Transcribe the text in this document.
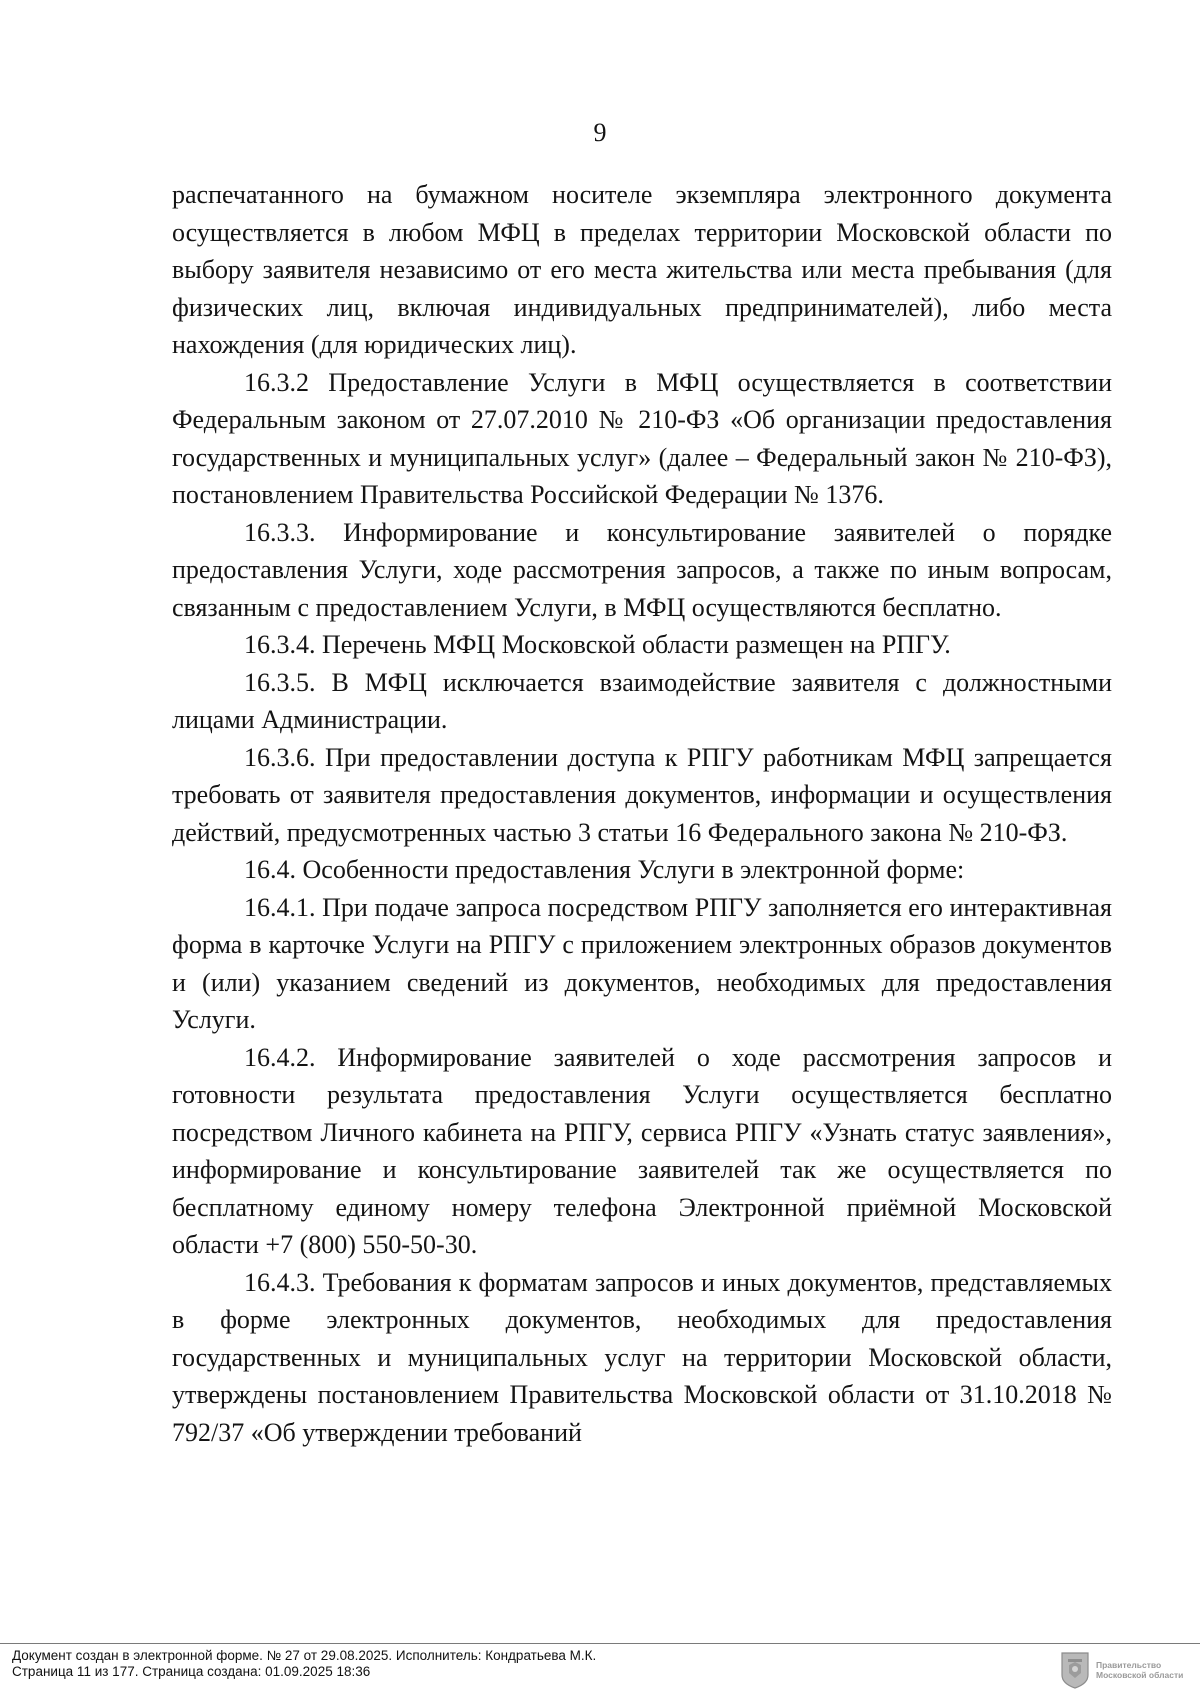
9

распечатанного на бумажном носителе экземпляра электронного документа осуществляется в любом МФЦ в пределах территории Московской области по выбору заявителя независимо от его места жительства или места пребывания (для физических лиц, включая индивидуальных предпринимателей), либо места нахождения (для юридических лиц).

16.3.2 Предоставление Услуги в МФЦ осуществляется в соответствии Федеральным законом от 27.07.2010 № 210-ФЗ «Об организации предоставления государственных и муниципальных услуг» (далее – Федеральный закон № 210-ФЗ), постановлением Правительства Российской Федерации № 1376.

16.3.3. Информирование и консультирование заявителей о порядке предоставления Услуги, ходе рассмотрения запросов, а также по иным вопросам, связанным с предоставлением Услуги, в МФЦ осуществляются бесплатно.

16.3.4. Перечень МФЦ Московской области размещен на РПГУ.

16.3.5. В МФЦ исключается взаимодействие заявителя с должностными лицами Администрации.

16.3.6. При предоставлении доступа к РПГУ работникам МФЦ запрещается требовать от заявителя предоставления документов, информации и осуществления действий, предусмотренных частью 3 статьи 16 Федерального закона № 210-ФЗ.

16.4. Особенности предоставления Услуги в электронной форме:

16.4.1. При подаче запроса посредством РПГУ заполняется его интерактивная форма в карточке Услуги на РПГУ с приложением электронных образов документов и (или) указанием сведений из документов, необходимых для предоставления Услуги.

16.4.2. Информирование заявителей о ходе рассмотрения запросов и готовности результата предоставления Услуги осуществляется бесплатно посредством Личного кабинета на РПГУ, сервиса РПГУ «Узнать статус заявления», информирование и консультирование заявителей так же осуществляется по бесплатному единому номеру телефона Электронной приёмной Московской области +7 (800) 550-50-30.

16.4.3. Требования к форматам запросов и иных документов, представляемых в форме электронных документов, необходимых для предоставления государственных и муниципальных услуг на территории Московской области, утверждены постановлением Правительства Московской области от 31.10.2018 № 792/37 «Об утверждении требований

Документ создан в электронной форме. № 27 от 29.08.2025. Исполнитель: Кондратьева М.К.
Страница 11 из 177. Страница создана: 01.09.2025 18:36	Правительство
Московской области
